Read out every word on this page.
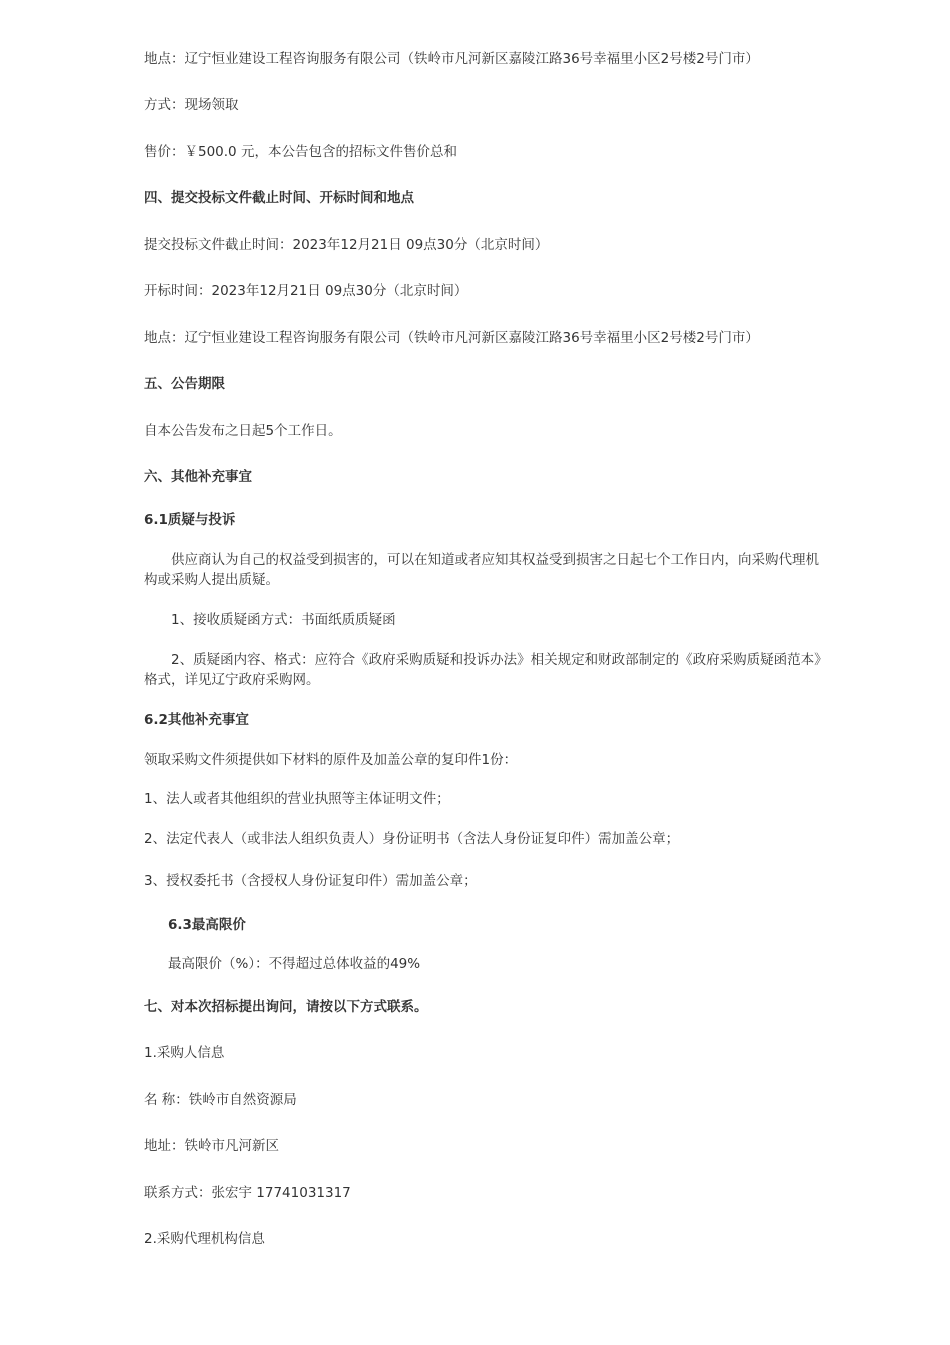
地点：辽宁恒业建设工程咨询服务有限公司（铁岭市凡河新区嘉陵江路36号幸福里小区2号楼2号门市）
方式：现场领取
售价：￥500.0 元，本公告包含的招标文件售价总和
四、提交投标文件截止时间、开标时间和地点
提交投标文件截止时间：2023年12月21日 09点30分（北京时间）
开标时间：2023年12月21日 09点30分（北京时间）
地点：辽宁恒业建设工程咨询服务有限公司（铁岭市凡河新区嘉陵江路36号幸福里小区2号楼2号门市）
五、公告期限
自本公告发布之日起5个工作日。
六、其他补充事宜
6.1质疑与投诉
供应商认为自己的权益受到损害的，可以在知道或者应知其权益受到损害之日起七个工作日内，向采购代理机构或采购人提出质疑。
1、接收质疑函方式：书面纸质质疑函
2、质疑函内容、格式：应符合《政府采购质疑和投诉办法》相关规定和财政部制定的《政府采购质疑函范本》格式，详见辽宁政府采购网。
6.2其他补充事宜
领取采购文件须提供如下材料的原件及加盖公章的复印件1份：
1、法人或者其他组织的营业执照等主体证明文件；
2、法定代表人（或非法人组织负责人）身份证明书（含法人身份证复印件）需加盖公章；
3、授权委托书（含授权人身份证复印件）需加盖公章；
6.3最高限价
最高限价（%）：不得超过总体收益的49%
七、对本次招标提出询问，请按以下方式联系。
1.采购人信息
名 称：铁岭市自然资源局
地址：铁岭市凡河新区
联系方式：张宏宇 17741031317
2.采购代理机构信息
